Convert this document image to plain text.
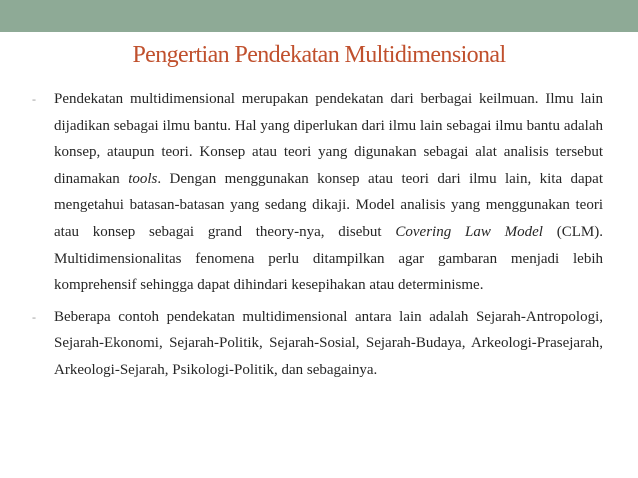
Pengertian Pendekatan Multidimensional

- Pendekatan multidimensional merupakan pendekatan dari berbagai keilmuan. Ilmu lain dijadikan sebagai ilmu bantu. Hal yang diperlukan dari ilmu lain sebagai ilmu bantu adalah konsep, ataupun teori. Konsep atau teori yang digunakan sebagai alat analisis tersebut dinamakan tools. Dengan menggunakan konsep atau teori dari ilmu lain, kita dapat mengetahui batasan-batasan yang sedang dikaji. Model analisis yang menggunakan teori atau konsep sebagai grand theory-nya, disebut Covering Law Model (CLM). Multidimensionalitas fenomena perlu ditampilkan agar gambaran menjadi lebih komprehensif sehingga dapat dihindari kesepihakan atau determinisme.

- Beberapa contoh pendekatan multidimensional antara lain adalah Sejarah-Antropologi, Sejarah-Ekonomi, Sejarah-Politik, Sejarah-Sosial, Sejarah-Budaya, Arkeologi-Prasejarah, Arkeologi-Sejarah, Psikologi-Politik, dan sebagainya.
